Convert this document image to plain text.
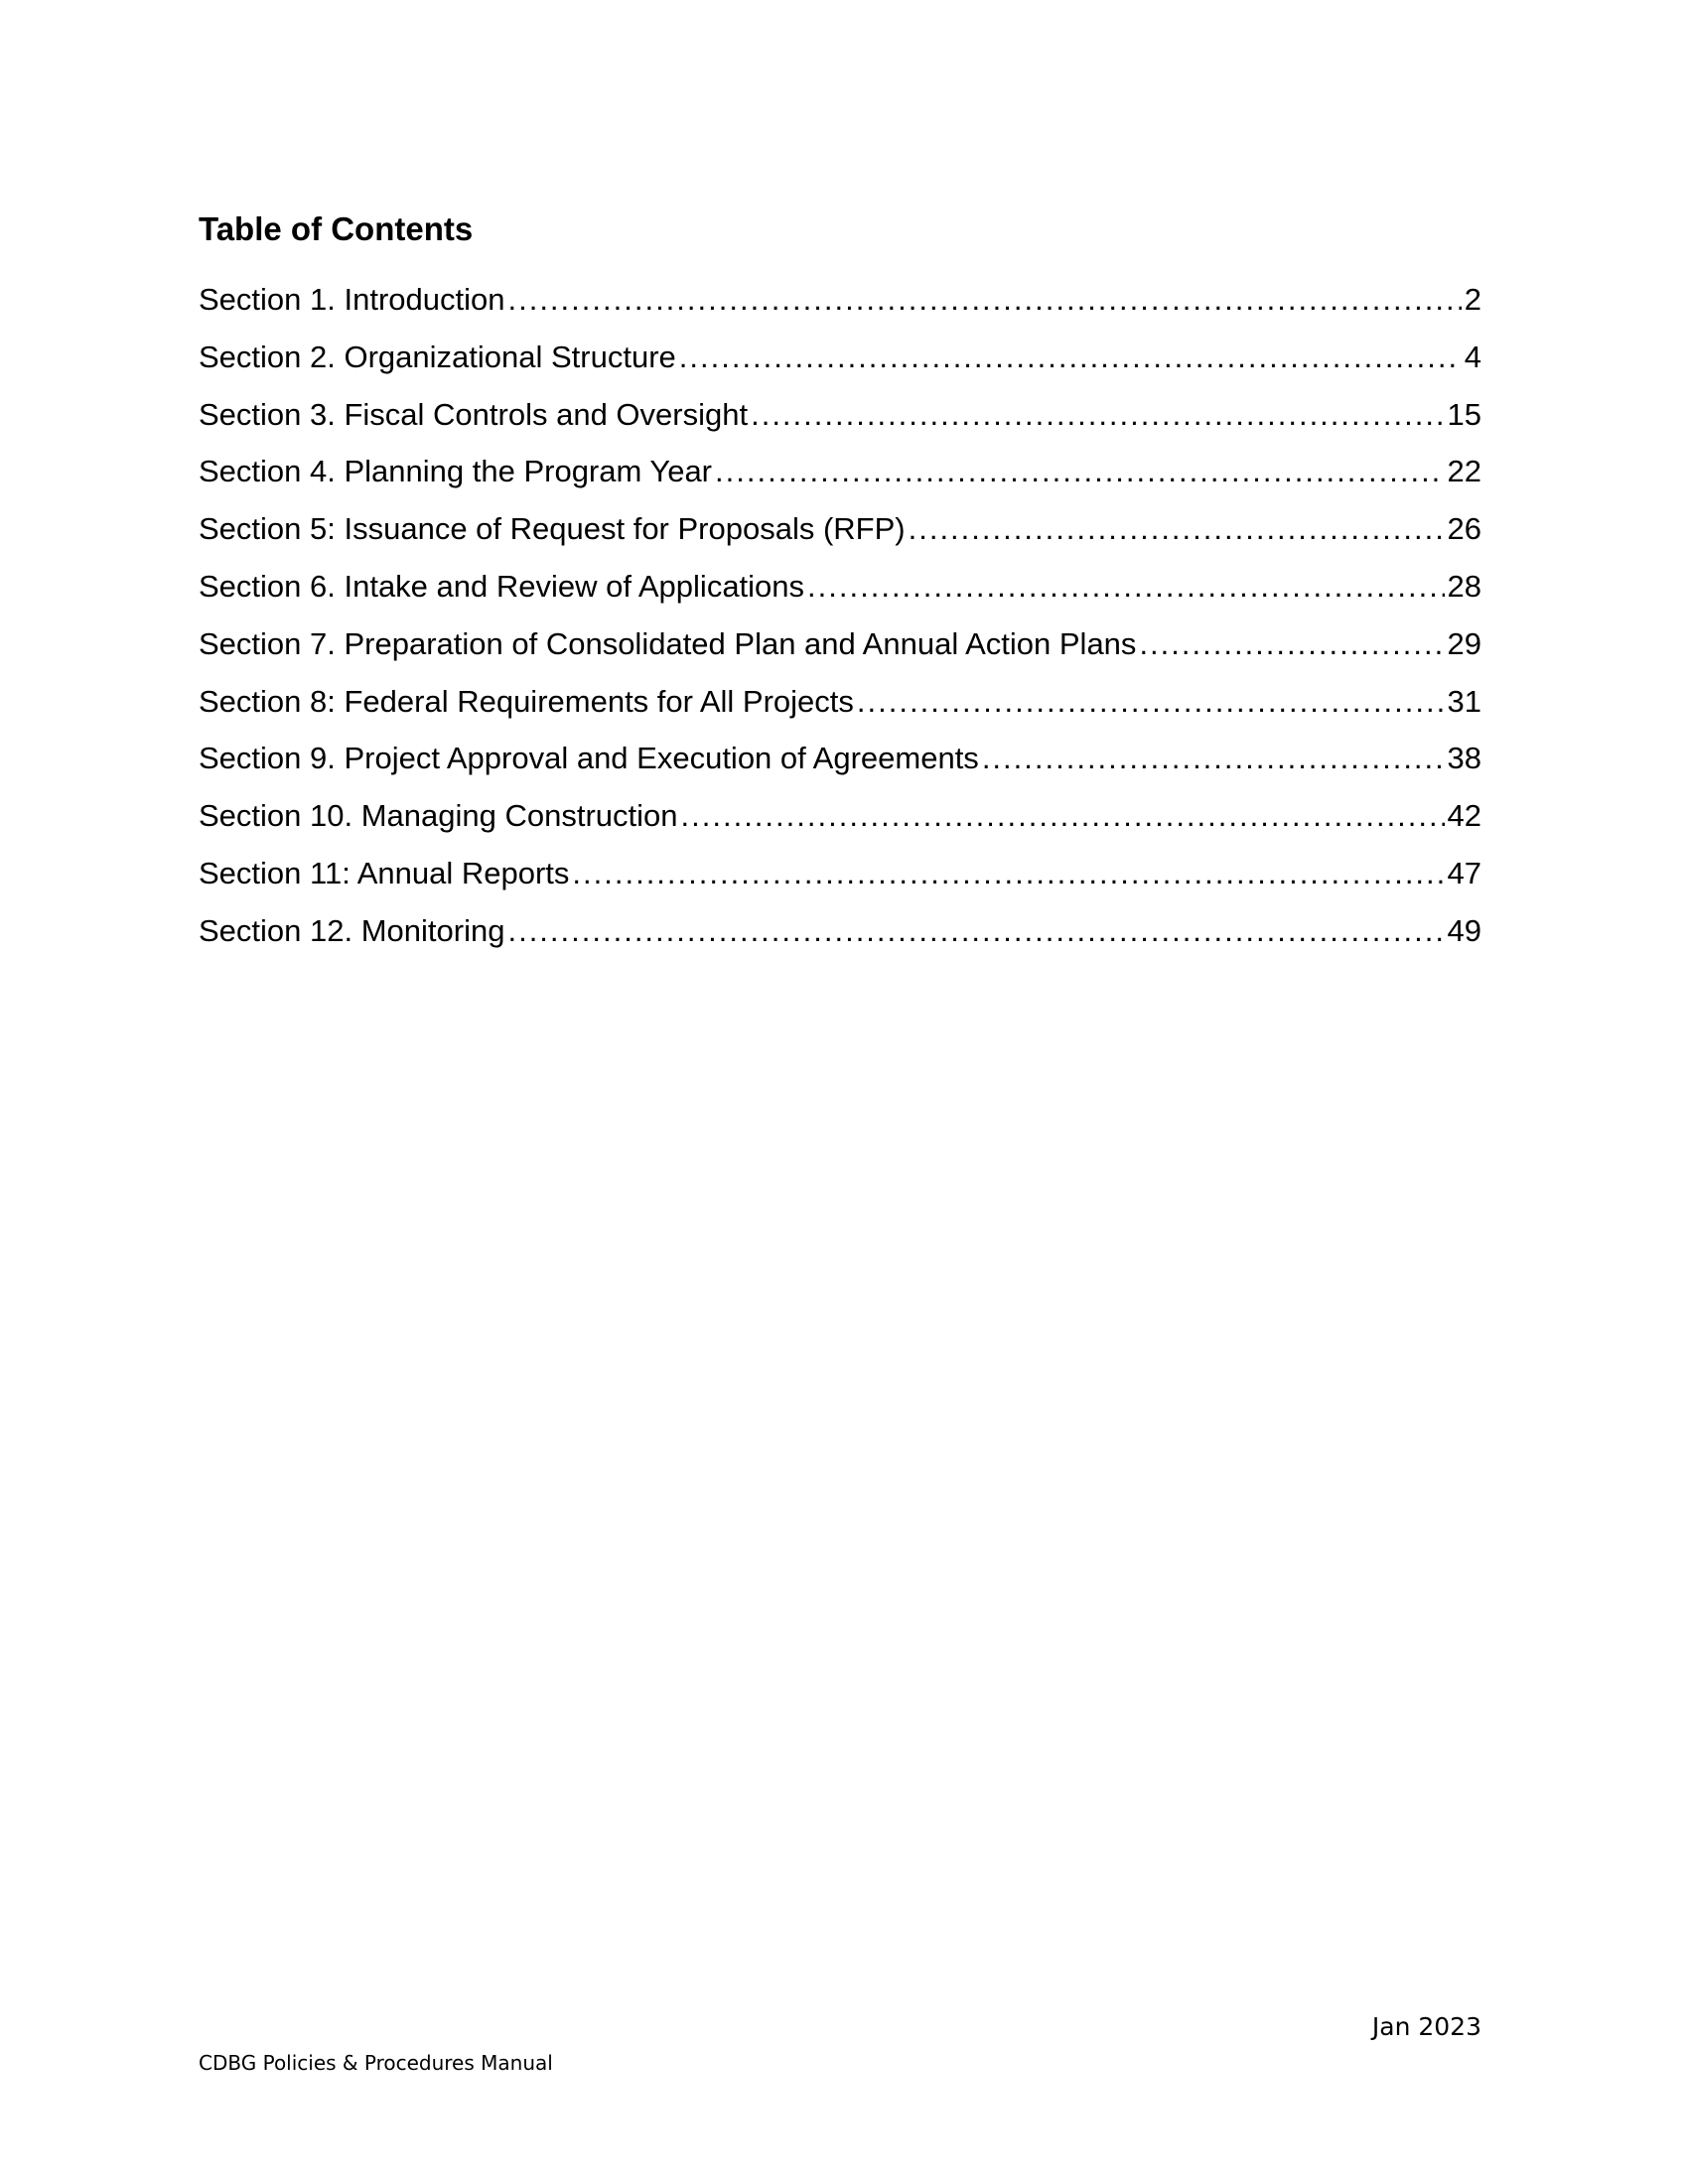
Table of Contents
Section 1. Introduction .....	2
Section 2. Organizational Structure .....	4
Section 3. Fiscal Controls and Oversight .....	15
Section 4. Planning the Program Year .....	22
Section 5: Issuance of Request for Proposals (RFP) .....	26
Section 6. Intake and Review of Applications .....	28
Section 7. Preparation of Consolidated Plan and Annual Action Plans .....	29
Section 8: Federal Requirements for All Projects .....	31
Section 9. Project Approval and Execution of Agreements .....	38
Section 10. Managing Construction .....	42
Section 11: Annual Reports .....	47
Section 12. Monitoring .....	49
Jan 2023
CDBG Policies & Procedures Manual
